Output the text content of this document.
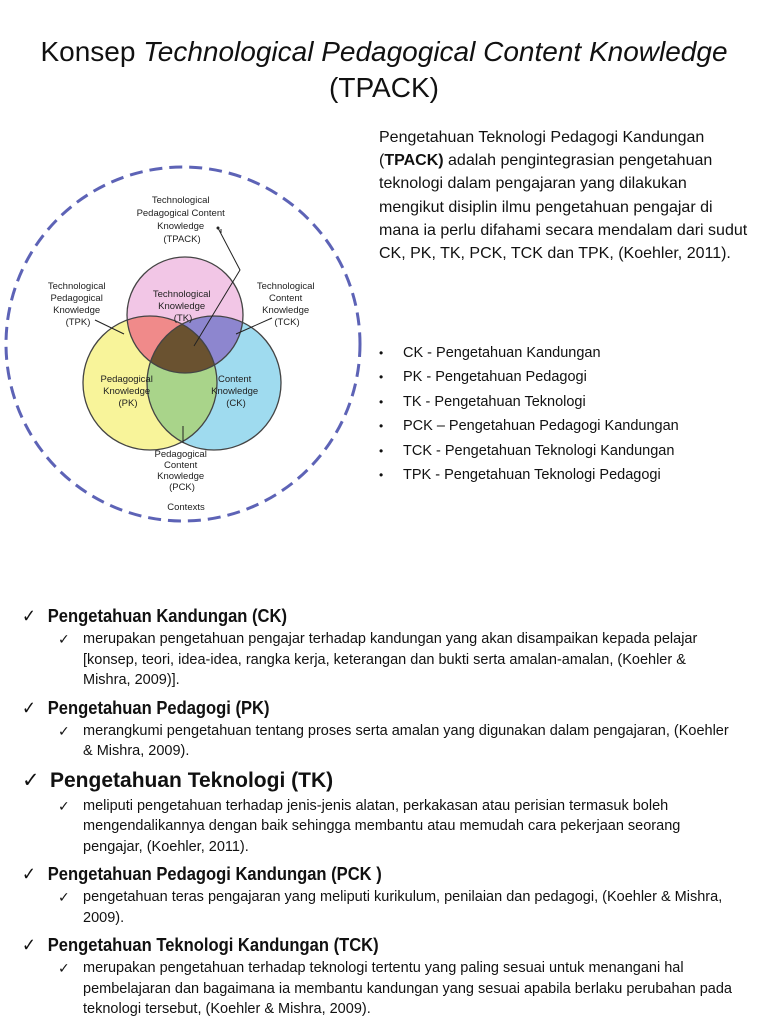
Konsep Technological Pedagogical Content Knowledge (TPACK)
Technological Pedagogical Content Knowledge (TPACK)
Technological Pedagogical Knowledge (TPK)
Technological Knowledge (TK)
Technological Content Knowledge (TCK)
Pedagogical Knowledge (PK)
Content Knowledge (CK)
Pedagogical Content Knowledge (PCK)
Contexts
Pengetahuan Teknologi Pedagogi Kandungan (TPACK) adalah pengintegrasian pengetahuan teknologi dalam pengajaran yang dilakukan mengikut disiplin ilmu pengetahuan pengajar di mana ia perlu difahami secara mendalam dari sudut CK, PK, TK, PCK, TCK dan TPK, (Koehler, 2011).
• CK - Pengetahuan Kandungan
• PK - Pengetahuan Pedagogi
• TK - Pengetahuan Teknologi
• PCK – Pengetahuan Pedagogi Kandungan
• TCK - Pengetahuan Teknologi Kandungan
• TPK - Pengetahuan Teknologi Pedagogi
✓ Pengetahuan Kandungan (CK)
✓ merupakan pengetahuan pengajar terhadap kandungan yang akan disampaikan kepada pelajar [konsep, teori, idea-idea, rangka kerja, keterangan dan bukti serta amalan-amalan, (Koehler & Mishra, 2009)].
✓ Pengetahuan Pedagogi (PK)
✓ merangkumi pengetahuan tentang proses serta amalan yang digunakan dalam pengajaran, (Koehler & Mishra, 2009).
✓ Pengetahuan Teknologi (TK)
✓ meliputi pengetahuan terhadap jenis-jenis alatan, perkakasan atau perisian termasuk boleh mengendalikannya dengan baik sehingga membantu atau memudah cara pekerjaan seorang pengajar, (Koehler, 2011).
✓ Pengetahuan Pedagogi Kandungan (PCK )
✓ pengetahuan teras pengajaran yang meliputi kurikulum, penilaian dan pedagogi, (Koehler & Mishra, 2009).
✓ Pengetahuan Teknologi Kandungan (TCK)
✓ merupakan pengetahuan terhadap teknologi tertentu yang paling sesuai untuk menangani hal pembelajaran dan bagaimana ia membantu kandungan yang sesuai apabila berlaku perubahan pada teknologi tersebut, (Koehler & Mishra, 2009).
